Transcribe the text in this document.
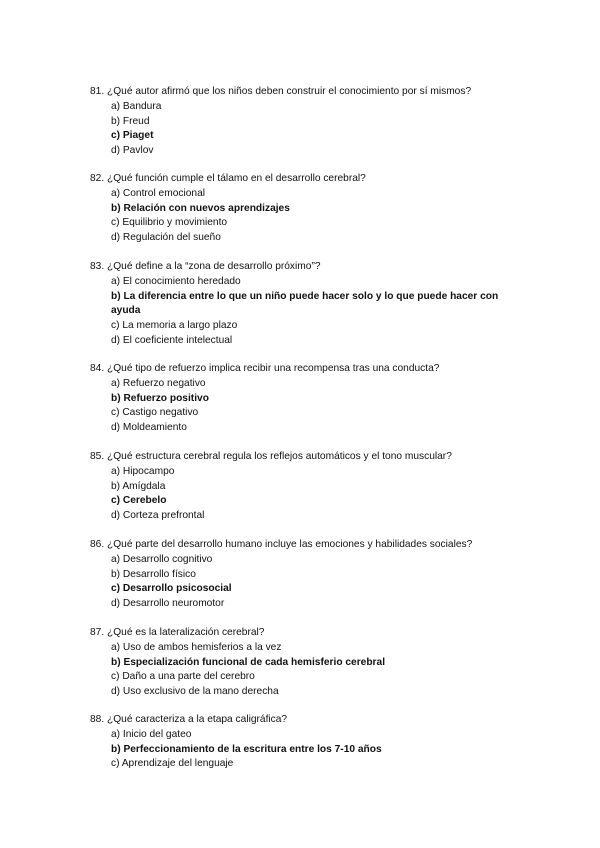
81. ¿Qué autor afirmó que los niños deben construir el conocimiento por sí mismos?
a) Bandura
b) Freud
c) Piaget
d) Pavlov
82. ¿Qué función cumple el tálamo en el desarrollo cerebral?
a) Control emocional
b) Relación con nuevos aprendizajes
c) Equilibrio y movimiento
d) Regulación del sueño
83. ¿Qué define a la “zona de desarrollo próximo”?
a) El conocimiento heredado
b) La diferencia entre lo que un niño puede hacer solo y lo que puede hacer con ayuda
c) La memoria a largo plazo
d) El coeficiente intelectual
84. ¿Qué tipo de refuerzo implica recibir una recompensa tras una conducta?
a) Refuerzo negativo
b) Refuerzo positivo
c) Castigo negativo
d) Moldeamiento
85. ¿Qué estructura cerebral regula los reflejos automáticos y el tono muscular?
a) Hipocampo
b) Amígdala
c) Cerebelo
d) Corteza prefrontal
86. ¿Qué parte del desarrollo humano incluye las emociones y habilidades sociales?
a) Desarrollo cognitivo
b) Desarrollo físico
c) Desarrollo psicosocial
d) Desarrollo neuromotor
87. ¿Qué es la lateralización cerebral?
a) Uso de ambos hemisferios a la vez
b) Especialización funcional de cada hemisferio cerebral
c) Daño a una parte del cerebro
d) Uso exclusivo de la mano derecha
88. ¿Qué caracteriza a la etapa caligráfica?
a) Inicio del gateo
b) Perfeccionamiento de la escritura entre los 7-10 años
c) Aprendizaje del lenguaje
